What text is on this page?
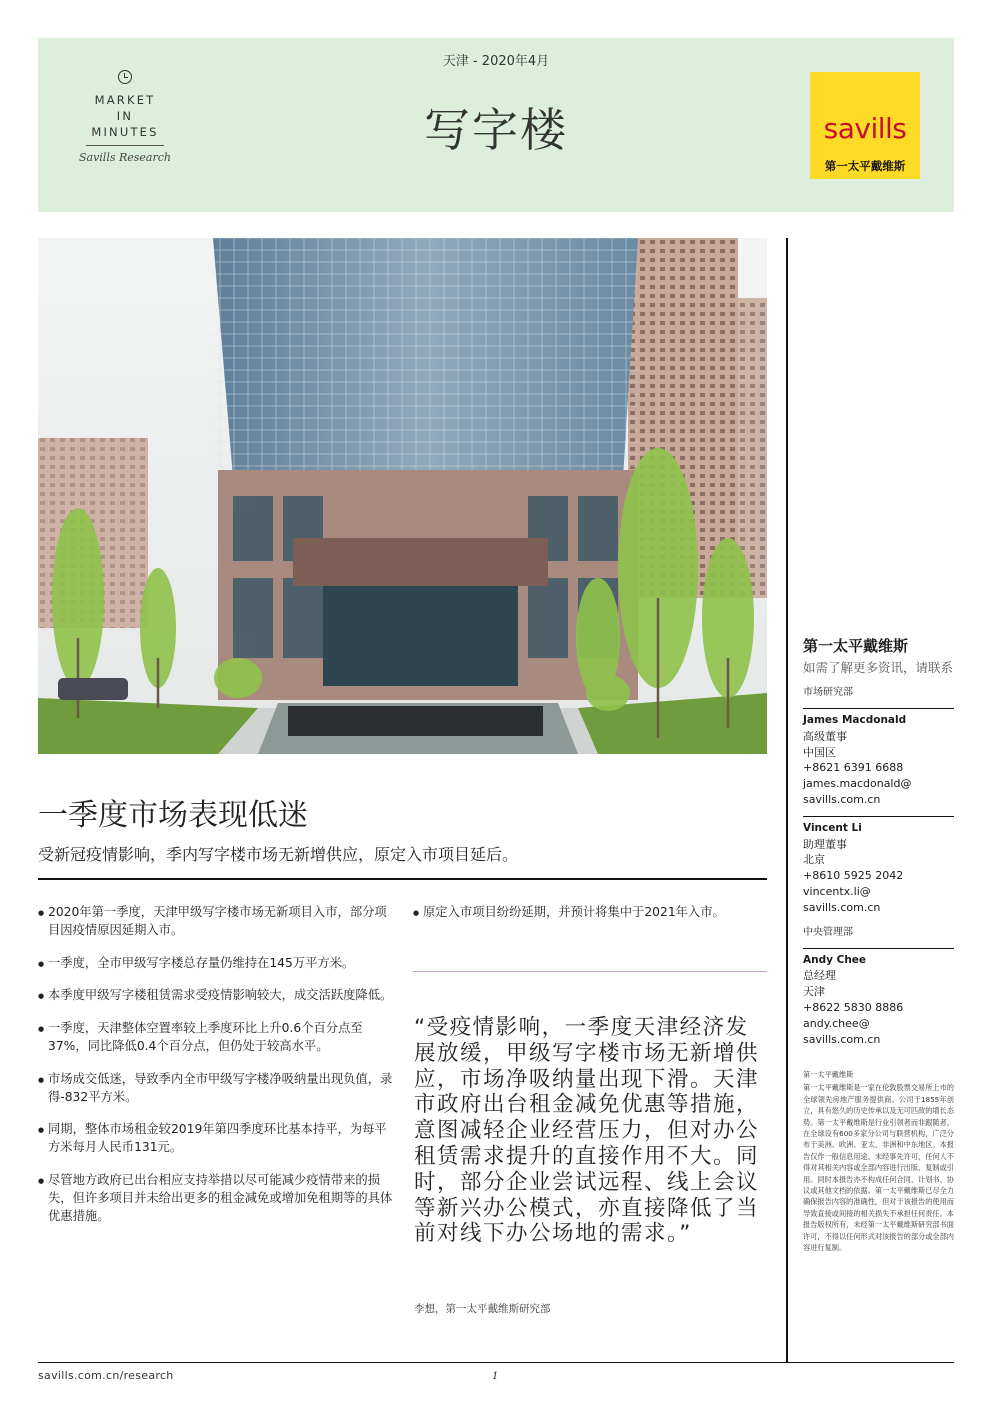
MARKET
IN
MINUTES
Savills Research
天津 - 2020年4月
写字楼	savills
第一太平戴维斯
第一太平戴维斯
如需了解更多资讯，请联系
市场研究部
James Macdonald
高级董事
中国区
+8621 6391 6688
james.macdonald@
savills.com.cn
Vincent Li
助理董事
北京
+8610 5925 2042
vincentx.li@
savills.com.cn
中央管理部
Andy Chee
总经理
天津
+8622 5830 8886
andy.chee@
savills.com.cn
第一太平戴维斯
第一太平戴维斯是一家在伦敦股票交易所上市的全球领先房地产服务提供商。公司于1855年创立，具有悠久的历史传承以及无可匹敌的增长态势。第一太平戴维斯是行业引领者而非跟随者，在全球设有600多家分公司与联营机构，广泛分布于美洲、欧洲、亚太、非洲和中东地区。本报告仅作一般信息用途。未经事先许可，任何人不得对其相关内容或全部内容进行出版、复制或引用。同时本报告亦不构成任何合同、计划书、协议或其他文档的依据。第一太平戴维斯已尽全力确保报告内容的准确性，但对于该报告的使用而导致直接或间接的相关损失不承担任何责任。本报告版权所有，未经第一太平戴维斯研究部书面许可，不得以任何形式对该报告的部分或全部内容进行复制。
一季度市场表现低迷
受新冠疫情影响，季内写字楼市场无新增供应，原定入市项目延后。
● 2020年第一季度，天津甲级写字楼市场无新项目入市，部分项目因疫情原因延期入市。
● 一季度，全市甲级写字楼总存量仍维持在145万平方米。
● 本季度甲级写字楼租赁需求受疫情影响较大，成交活跃度降低。
● 一季度，天津整体空置率较上季度环比上升0.6个百分点至37%，同比降低0.4个百分点，但仍处于较高水平。
● 市场成交低迷，导致季内全市甲级写字楼净吸纳量出现负值，录得-832平方米。
● 同期，整体市场租金较2019年第四季度环比基本持平，为每平方米每月人民币131元。
● 尽管地方政府已出台相应支持举措以尽可能减少疫情带来的损失，但许多项目并未给出更多的租金减免或增加免租期等的具体优惠措施。
● 原定入市项目纷纷延期，并预计将集中于2021年入市。
“受疫情影响，一季度天津经济发展放缓，甲级写字楼市场无新增供应，市场净吸纳量出现下滑。天津市政府出台租金减免优惠等措施，意图减轻企业经营压力，但对办公租赁需求提升的直接作用不大。同时，部分企业尝试远程、线上会议等新兴办公模式，亦直接降低了当前对线下办公场地的需求。”
李想，第一太平戴维斯研究部
savills.com.cn/research	1
